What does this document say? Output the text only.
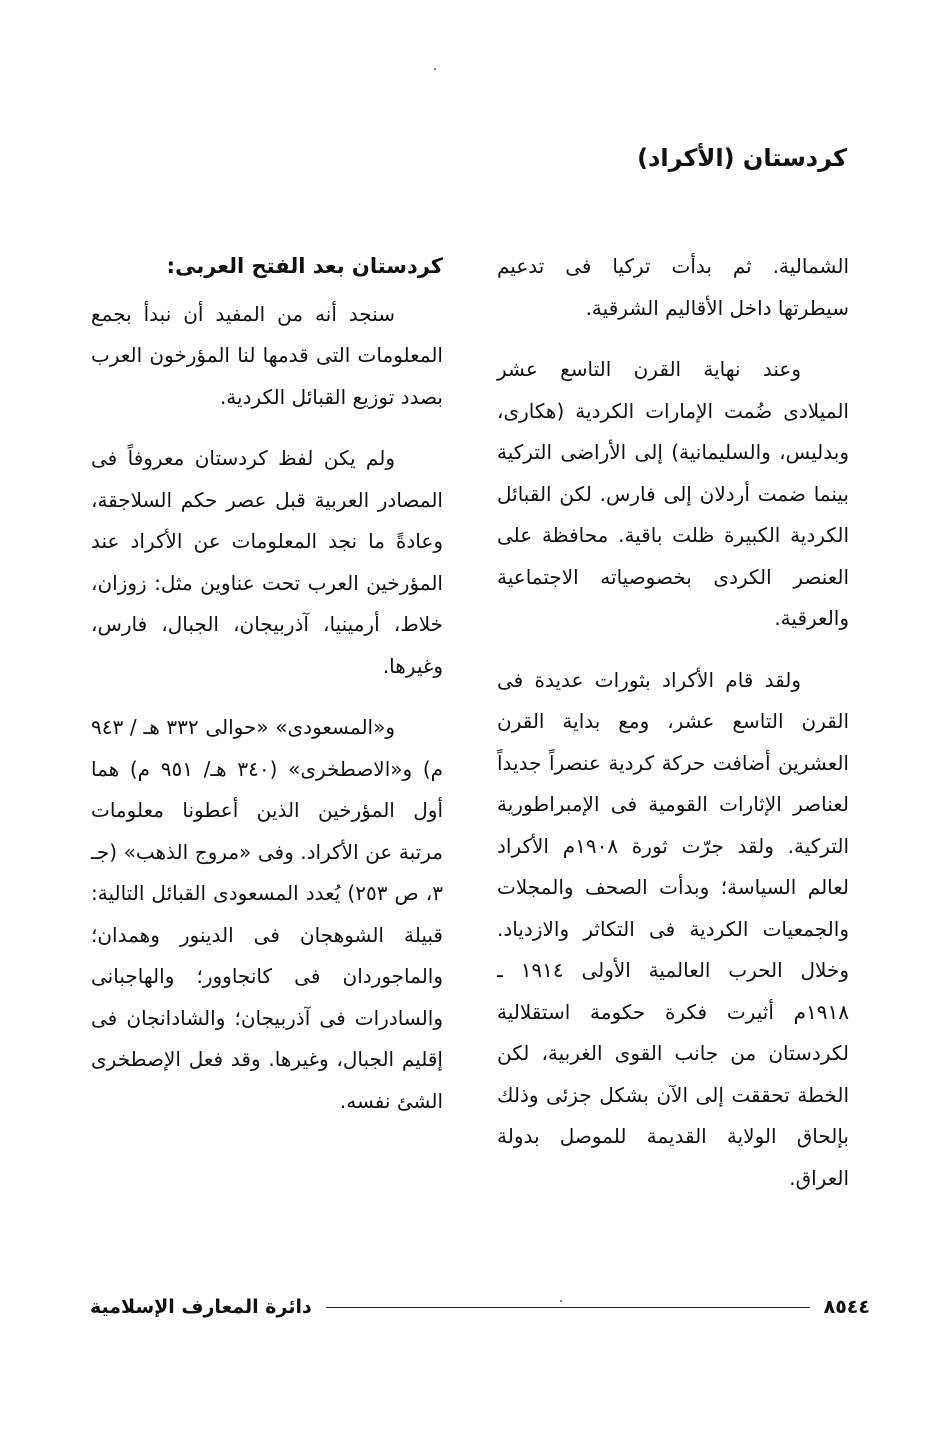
كردستان (الأكراد)

الشمالية. ثم بدأت تركيا فى تدعيم سيطرتها داخل الأقاليم الشرقية.

وعند نهاية القرن التاسع عشر الميلادى ضُمت الإمارات الكردية (هكارى، وبدليس، والسليمانية) إلى الأراضى التركية بينما ضمت أردلان إلى فارس. لكن القبائل الكردية الكبيرة ظلت باقية. محافظة على العنصر الكردى بخصوصياته الاجتماعية والعرقية.

ولقد قام الأكراد بثورات عديدة فى القرن التاسع عشر، ومع بداية القرن العشرين أضافت حركة كردية عنصراً جديداً لعناصر الإثارات القومية فى الإمبراطورية التركية. ولقد جرّت ثورة ١٩٠٨م الأكراد لعالم السياسة؛ وبدأت الصحف والمجلات والجمعيات الكردية فى التكاثر والازدياد. وخلال الحرب العالمية الأولى ١٩١٤ ـ ١٩١٨م أثيرت فكرة حكومة استقلالية لكردستان من جانب القوى الغربية، لكن الخطة تحققت إلى الآن بشكل جزئى وذلك بإلحاق الولاية القديمة للموصل بدولة العراق.

كردستان بعد الفتح العربى:

سنجد أنه من المفيد أن نبدأ بجمع المعلومات التى قدمها لنا المؤرخون العرب بصدد توزيع القبائل الكردية.

ولم يكن لفظ كردستان معروفاً فى المصادر العربية قبل عصر حكم السلاجقة، وعادةً ما نجد المعلومات عن الأكراد عند المؤرخين العرب تحت عناوين مثل: زوزان، خلاط، أرمينيا، آذربيجان، الجبال، فارس، وغيرها.

و«المسعودى» «حوالى ٣٣٢ هـ / ٩٤٣ م) و«الاصطخرى» (٣٤٠ هـ/ ٩٥١ م) هما أول المؤرخين الذين أعطونا معلومات مرتبة عن الأكراد. وفى «مروج الذهب» (جـ ٣، ص ٢٥٣) يُعدد المسعودى القبائل التالية: قبيلة الشوهجان فى الدينور وهمدان؛ والماجوردان فى كانجاوور؛ والهاجبانى والسادرات فى آذربيجان؛ والشادانجان فى إقليم الجبال، وغيرها. وقد فعل الإصطخرى الشئ نفسه.

٨٥٤٤
دائرة المعارف الإسلامية
